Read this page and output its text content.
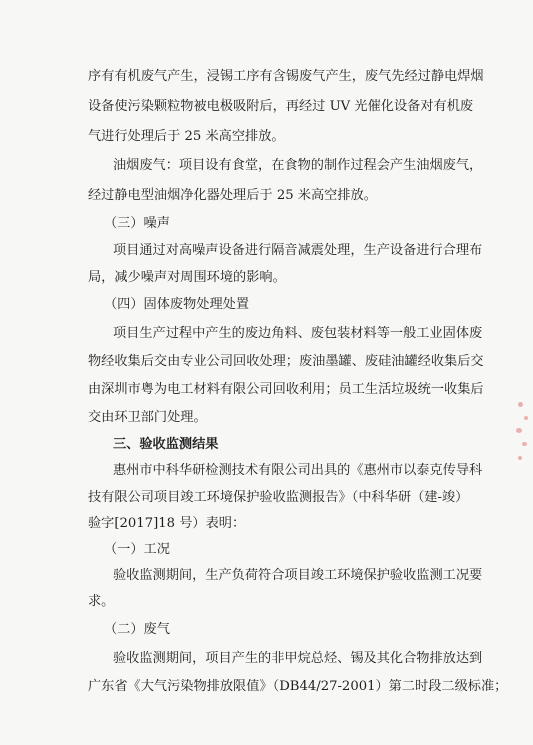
序有有机废气产生，浸锡工序有含锡废气产生，废气先经过静电焊烟
设备使污染颗粒物被电极吸附后，再经过 UV 光催化设备对有机废
气进行处理后于 25 米高空排放。
油烟废气：项目设有食堂，在食物的制作过程会产生油烟废气，
经过静电型油烟净化器处理后于 25 米高空排放。
（三）噪声
项目通过对高噪声设备进行隔音减震处理，生产设备进行合理布
局，减少噪声对周围环境的影响。
（四）固体废物处理处置
项目生产过程中产生的废边角料、废包装材料等一般工业固体废
物经收集后交由专业公司回收处理；废油墨罐、废硅油罐经收集后交
由深圳市粤为电工材料有限公司回收利用；员工生活垃圾统一收集后
交由环卫部门处理。
三、验收监测结果
惠州市中科华研检测技术有限公司出具的《惠州市以泰克传导科
技有限公司项目竣工环境保护验收监测报告》（中科华研（建-竣）
验字[2017]18 号）表明：
（一）工况
验收监测期间，生产负荷符合项目竣工环境保护验收监测工况要
求。
（二）废气
验收监测期间，项目产生的非甲烷总烃、锡及其化合物排放达到
广东省《大气污染物排放限值》（DB44/27-2001）第二时段二级标准；
